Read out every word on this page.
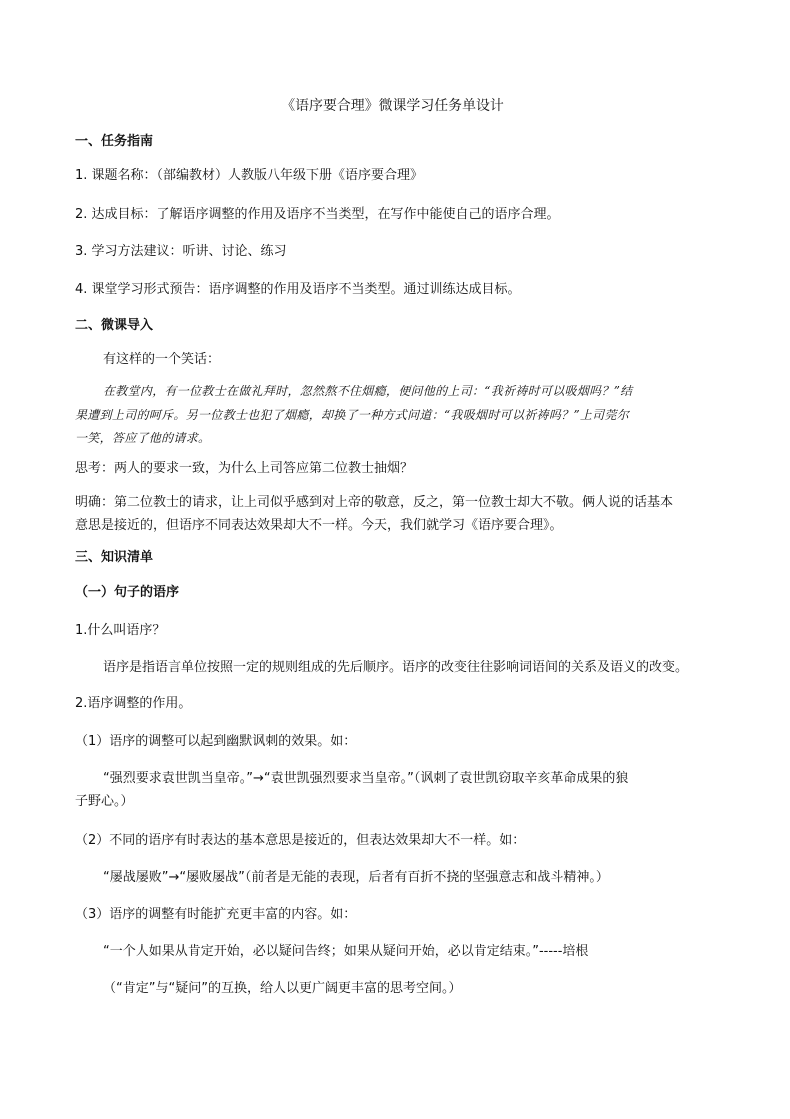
《语序要合理》微课学习任务单设计
一、任务指南
1. 课题名称：（部编教材）人教版八年级下册《语序要合理》
2. 达成目标：了解语序调整的作用及语序不当类型，在写作中能使自己的语序合理。
3. 学习方法建议：听讲、讨论、练习
4. 课堂学习形式预告：语序调整的作用及语序不当类型。通过训练达成目标。
二、微课导入
有这样的一个笑话：
在教堂内，有一位教士在做礼拜时，忽然熬不住烟瘾，便问他的上司：“我祈祷时可以吸烟吗？”结
果遭到上司的呵斥。另一位教士也犯了烟瘾，却换了一种方式问道：“我吸烟时可以祈祷吗？”上司莞尔
一笑，答应了他的请求。
思考：两人的要求一致，为什么上司答应第二位教士抽烟？
明确：第二位教士的请求，让上司似乎感到对上帝的敬意，反之，第一位教士却大不敬。俩人说的话基本
意思是接近的，但语序不同表达效果却大不一样。今天，我们就学习《语序要合理》。
三、知识清单
（一）句子的语序
1.什么叫语序？
语序是指语言单位按照一定的规则组成的先后顺序。语序的改变往往影响词语间的关系及语义的改变。
2.语序调整的作用。
（1）语序的调整可以起到幽默讽刺的效果。如：
“强烈要求袁世凯当皇帝。”→“袁世凯强烈要求当皇帝。”（讽刺了袁世凯窃取辛亥革命成果的狼
子野心。）
（2）不同的语序有时表达的基本意思是接近的，但表达效果却大不一样。如：
“屡战屡败”→“屡败屡战”（前者是无能的表现，后者有百折不挠的坚强意志和战斗精神。）
（3）语序的调整有时能扩充更丰富的内容。如：
“一个人如果从肯定开始，必以疑问告终；如果从疑问开始，必以肯定结束。”-----培根
（“肯定”与“疑问”的互换，给人以更广阔更丰富的思考空间。）
